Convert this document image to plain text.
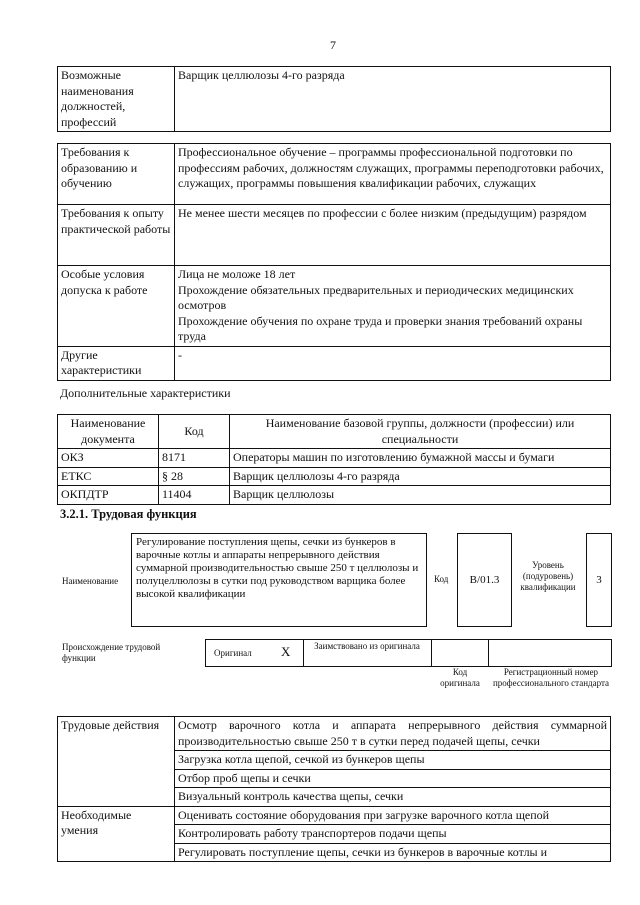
7
Возможные наименования должностей, профессий	Варщик целлюлозы 4-го разряда
Требования к образованию и обучению	Профессиональное обучение – программы профессиональной подготовки по профессиям рабочих, должностям служащих, программы переподготовки рабочих, служащих, программы повышения квалификации рабочих, служащих

Требования к опыту практической работы	Не менее шести месяцев по профессии с более низким (предыдущим) разрядом

Особые условия допуска к работе	Лица не моложе 18 лет
Прохождение обязательных предварительных и периодических медицинских осмотров
Прохождение обучения по охране труда и проверки знания требований охраны труда

Другие характеристики	-
Дополнительные характеристики
Наименование документа	Код	Наименование базовой группы, должности (профессии) или специальности
ОКЗ	8171	Операторы машин по изготовлению бумажной массы и бумаги
ЕТКС	§ 28	Варщик целлюлозы 4-го разряда
ОКПДТР	11404	Варщик целлюлозы
3.2.1. Трудовая функция
Наименование
Регулирование поступления щепы, сечки из бункеров в варочные котлы и аппараты непрерывного действия суммарной производительностью свыше 250 т целлюлозы и полуцеллюлозы в сутки под руководством варщика более высокой квалификации
Код	В/01.3
Уровень (подуровень) квалификации
3
Происхождение трудовой функции	Оригинал X	Заимствовано из оригинала
Код оригинала
Регистрационный номер профессионального стандарта
Трудовые действия	Осмотр варочного котла и аппарата непрерывного действия суммарной производительностью свыше 250 т в сутки перед подачей щепы, сечки
	Загрузка котла щепой, сечкой из бункеров щепы
	Отбор проб щепы и сечки
	Визуальный контроль качества щепы, сечки
Необходимые умения	Оценивать состояние оборудования при загрузке варочного котла щепой
	Контролировать работу транспортеров подачи щепы
	Регулировать поступление щепы, сечки из бункеров в варочные котлы и
